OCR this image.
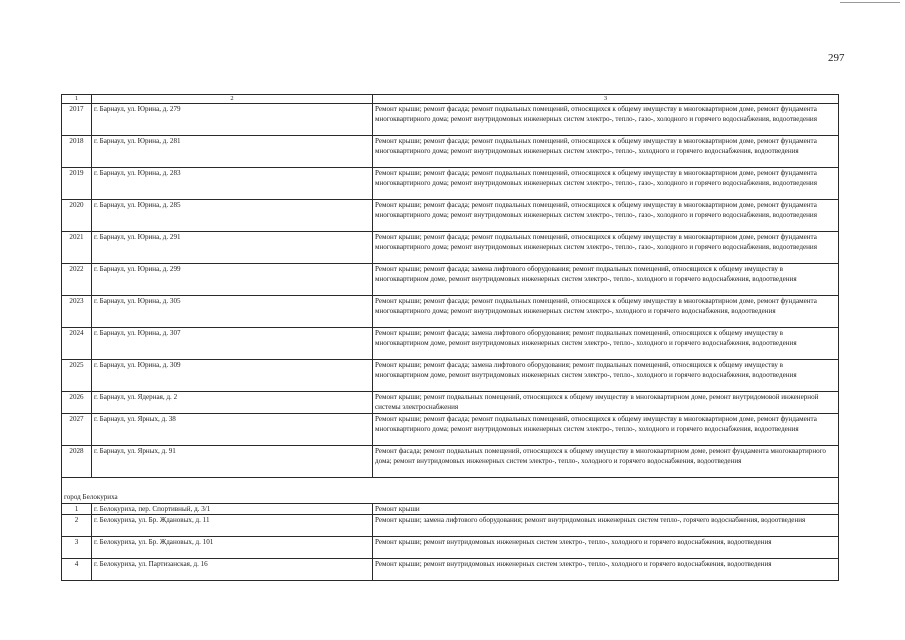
297
1	2	3
2017	г. Барнаул, ул. Юрина, д. 279	Ремонт крыши; ремонт фасада; ремонт подвальных помещений, относящихся к общему имуществу в многоквартирном доме, ремонт фундамента многоквартирного дома; ремонт внутридомовых инженерных систем электро-, тепло-, газо-, холодного и горячего водоснабжения, водоотведения
2018	г. Барнаул, ул. Юрина, д. 281	Ремонт крыши; ремонт фасада; ремонт подвальных помещений, относящихся к общему имуществу в многоквартирном доме, ремонт фундамента многоквартирного дома; ремонт внутридомовых инженерных систем электро-, тепло-, холодного и горячего водоснабжения, водоотведения
2019	г. Барнаул, ул. Юрина, д. 283	Ремонт крыши; ремонт фасада; ремонт подвальных помещений, относящихся к общему имуществу в многоквартирном доме, ремонт фундамента многоквартирного дома; ремонт внутридомовых инженерных систем электро-, тепло-, газо-, холодного и горячего водоснабжения, водоотведения
2020	г. Барнаул, ул. Юрина, д. 285	Ремонт крыши; ремонт фасада; ремонт подвальных помещений, относящихся к общему имуществу в многоквартирном доме, ремонт фундамента многоквартирного дома; ремонт внутридомовых инженерных систем электро-, тепло-, газо-, холодного и горячего водоснабжения, водоотведения
2021	г. Барнаул, ул. Юрина, д. 291	Ремонт крыши; ремонт фасада; ремонт подвальных помещений, относящихся к общему имуществу в многоквартирном доме, ремонт фундамента многоквартирного дома; ремонт внутридомовых инженерных систем электро-, тепло-, газо-, холодного и горячего водоснабжения, водоотведения
2022	г. Барнаул, ул. Юрина, д. 299	Ремонт крыши; ремонт фасада; замена лифтового оборудования; ремонт подвальных помещений, относящихся к общему имуществу в многоквартирном доме, ремонт внутридомовых инженерных систем электро-, тепло-, холодного и горячего водоснабжения, водоотведения
2023	г. Барнаул, ул. Юрина, д. 305	Ремонт крыши; ремонт фасада; ремонт подвальных помещений, относящихся к общему имуществу в многоквартирном доме, ремонт фундамента многоквартирного дома; ремонт внутридомовых инженерных систем электро-, холодного и горячего водоснабжения, водоотведения
2024	г. Барнаул, ул. Юрина, д. 307	Ремонт крыши; ремонт фасада; замена лифтового оборудования; ремонт подвальных помещений, относящихся к общему имуществу в многоквартирном доме, ремонт внутридомовых инженерных систем электро-, тепло-, холодного и горячего водоснабжения, водоотведения
2025	г. Барнаул, ул. Юрина, д. 309	Ремонт крыши; ремонт фасада; замена лифтового оборудования; ремонт подвальных помещений, относящихся к общему имуществу в многоквартирном доме, ремонт внутридомовых инженерных систем электро-, тепло-, холодного и горячего водоснабжения, водоотведения
2026	г. Барнаул, ул. Ядерная, д. 2	Ремонт крыши; ремонт подвальных помещений, относящихся к общему имуществу в многоквартирном доме, ремонт внутридомовой инженерной системы электроснабжения
2027	г. Барнаул, ул. Ярных, д. 38	Ремонт крыши; ремонт фасада; ремонт подвальных помещений, относящихся к общему имуществу в многоквартирном доме, ремонт фундамента многоквартирного дома; ремонт внутридомовых инженерных систем электро-, тепло-, холодного и горячего водоснабжения, водоотведения
2028	г. Барнаул, ул. Ярных, д. 91	Ремонт фасада; ремонт подвальных помещений, относящихся к общему имуществу в многоквартирном доме, ремонт фундамента многоквартирного дома; ремонт внутридомовых инженерных систем электро-, тепло-, холодного и горячего водоснабжения, водоотведения
город Белокуриха		
1	г. Белокуриха, пер. Спортивный, д. 3/1	Ремонт крыши
2	г. Белокуриха, ул. Бр. Ждановых, д. 11	Ремонт крыши; замена лифтового оборудования; ремонт внутридомовых инженерных систем тепло-, горячего водоснабжения, водоотведения
3	г. Белокуриха, ул. Бр. Ждановых, д. 101	Ремонт крыши; ремонт внутридомовых инженерных систем электро-, тепло-, холодного и горячего водоснабжения, водоотведения
4	г. Белокуриха, ул. Партизанская, д. 16	Ремонт крыши; ремонт внутридомовых инженерных систем электро-, тепло-, холодного и горячего водоснабжения, водоотведения
